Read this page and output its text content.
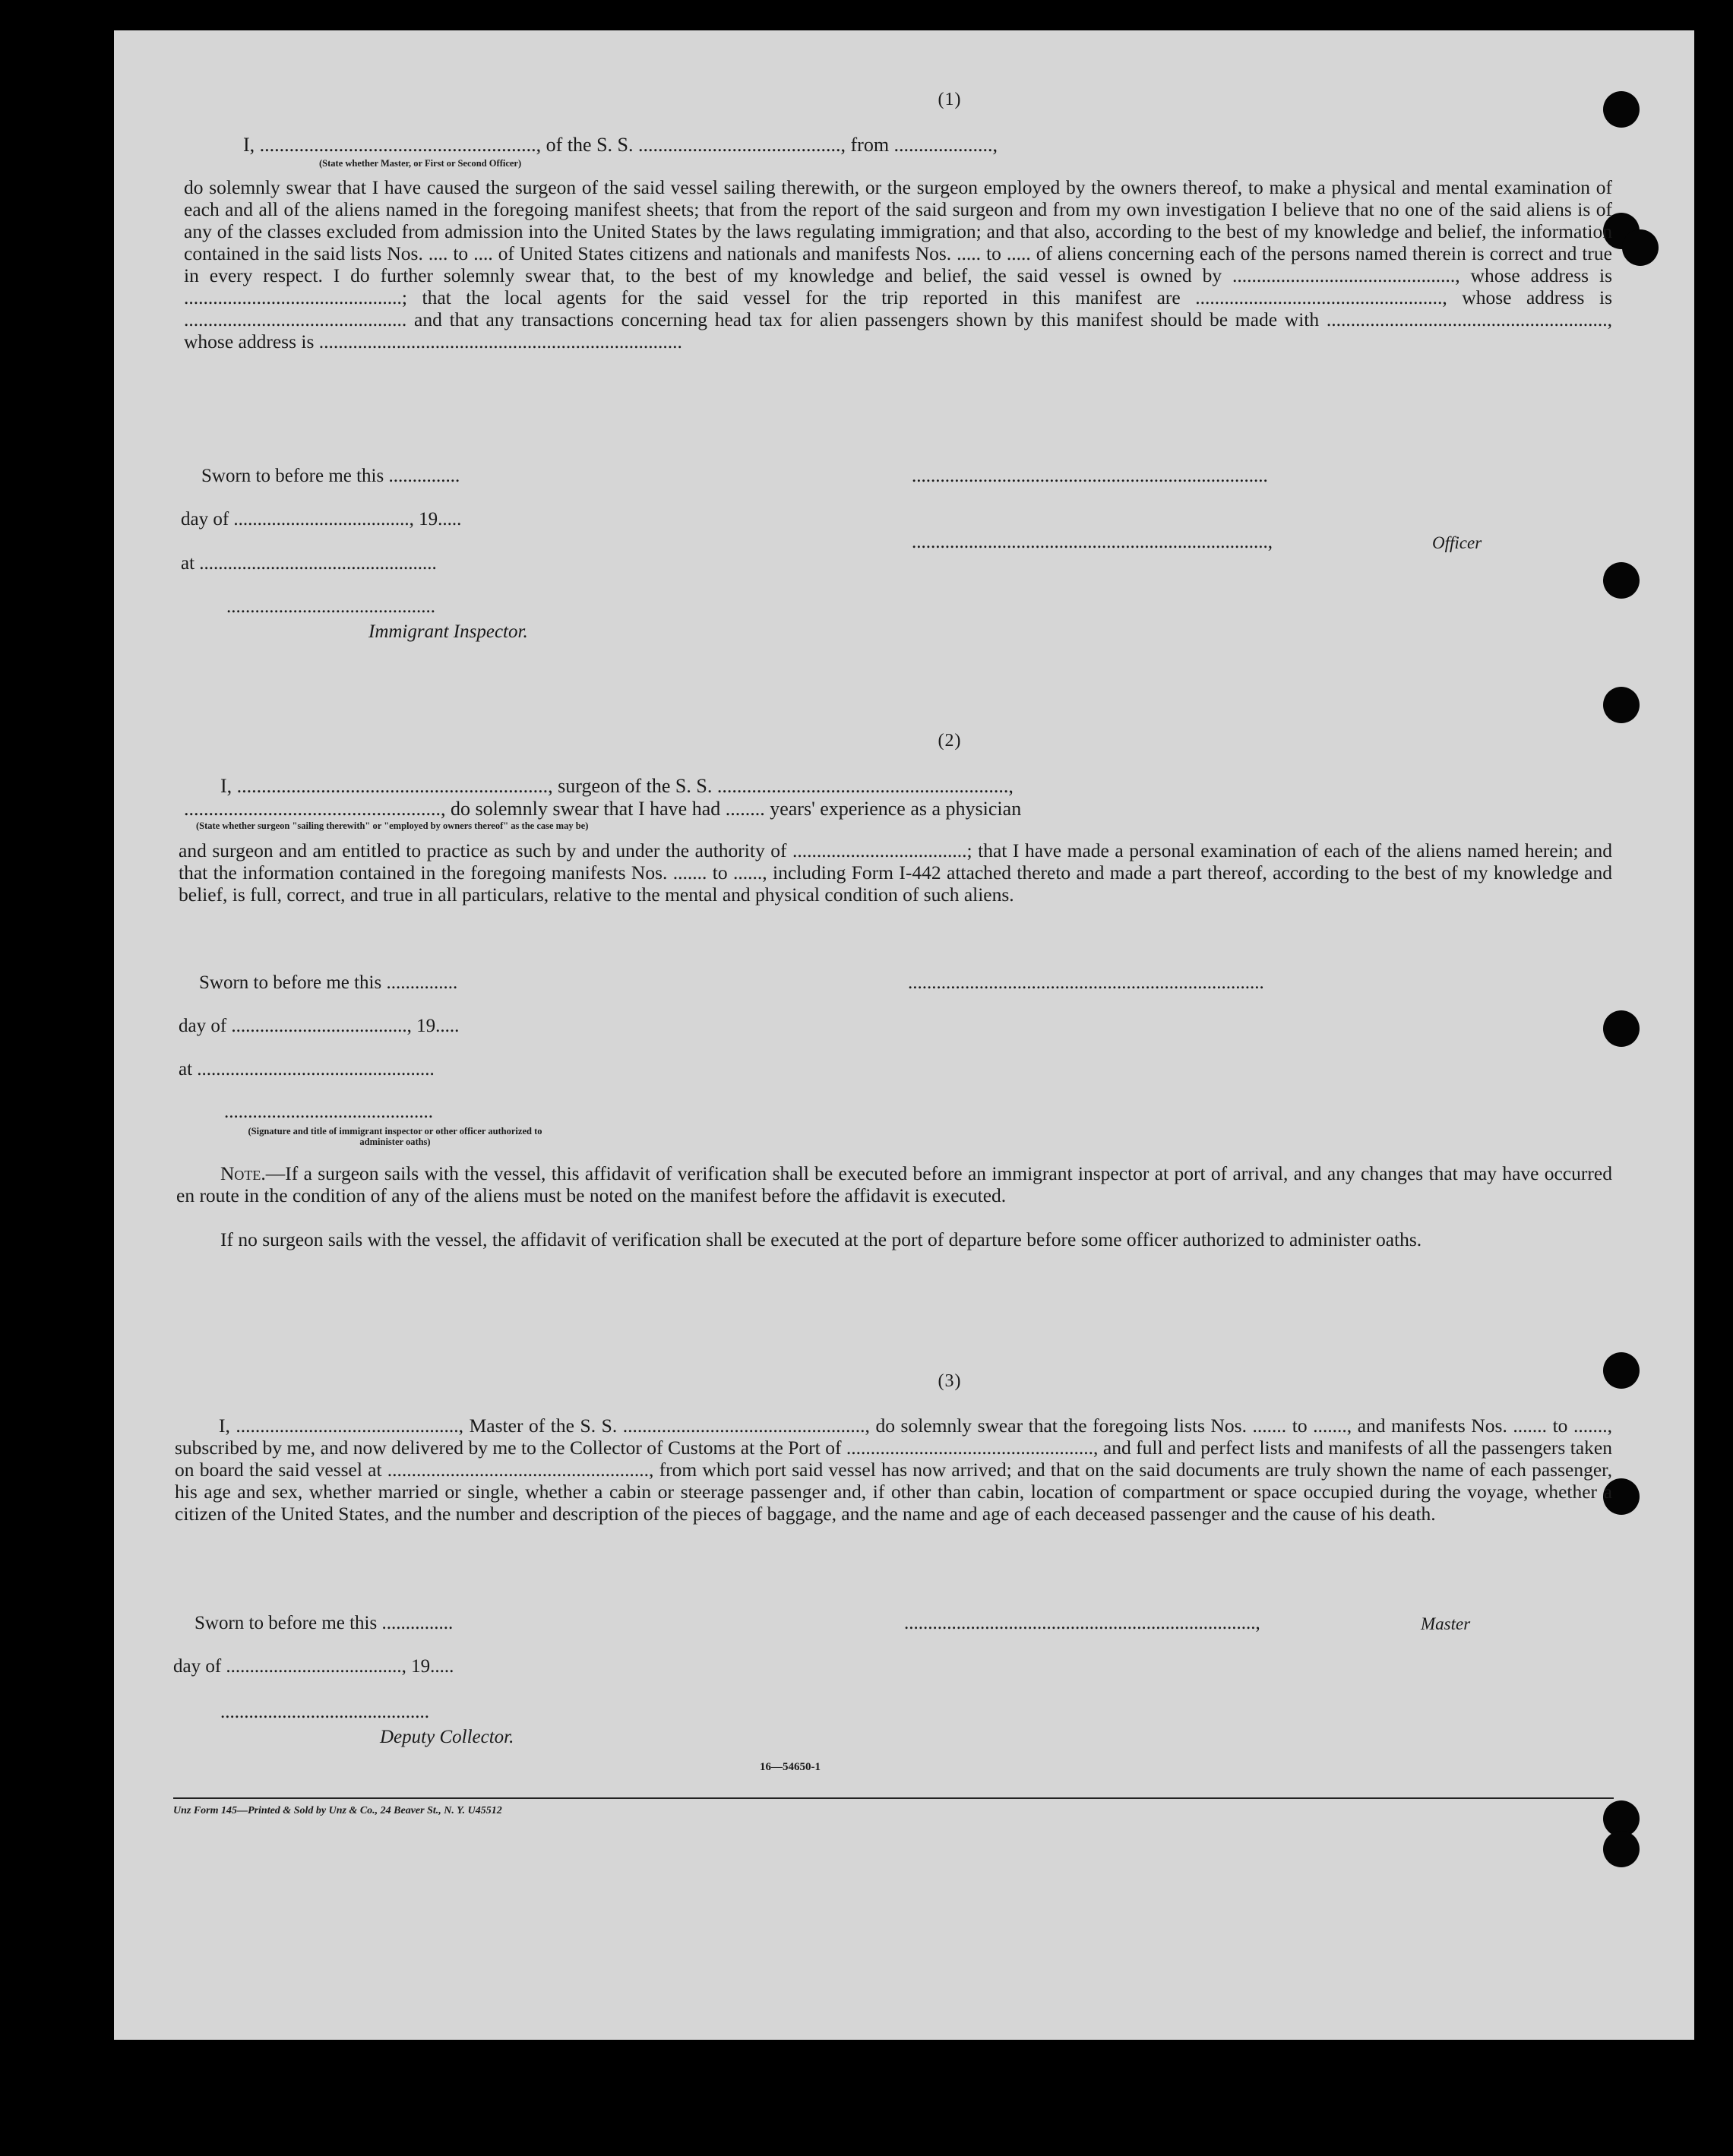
(1)
I, ........................................................, of the S. S. ........................................., from ....................,
(State whether Master, or First or Second Officer)
do solemnly swear that I have caused the surgeon of the said vessel sailing therewith, or the surgeon employed by the owners thereof, to make a physical and mental examination of each and all of the aliens named in the foregoing manifest sheets; that from the report of the said surgeon and from my own investigation I believe that no one of the said aliens is of any of the classes excluded from admission into the United States by the laws regulating immigration; and that also, according to the best of my knowledge and belief, the information contained in the said lists Nos. .... to .... of United States citizens and nationals and manifests Nos. ..... to ..... of aliens concerning each of the persons named therein is correct and true in every respect. I do further solemnly swear that, to the best of my knowledge and belief, the said vessel is owned by .............................................., whose address is .............................................; that the local agents for the said vessel for the trip reported in this manifest are ..................................................., whose address is .............................................. and that any transactions concerning head tax for alien passengers shown by this manifest should be made with .........................................................., whose address is ...........................................................................
Sworn to before me this ...............
day of ....................................., 19.....
at ..................................................
............................................
Immigrant Inspector.
...........................................................................
...........................................................................,	Officer
(2)
I, ..............................................................., surgeon of the S. S. ...........................................................,
...................................................., do solemnly swear that I have had ........ years' experience as a physician
(State whether surgeon "sailing therewith" or "employed by owners thereof" as the case may be)
and surgeon and am entitled to practice as such by and under the authority of ....................................; that I have made a personal examination of each of the aliens named herein; and that the information contained in the foregoing manifests Nos. ....... to ......, including Form I-442 attached thereto and made a part thereof, according to the best of my knowledge and belief, is full, correct, and true in all particulars, relative to the mental and physical condition of such aliens.
Sworn to before me this ...............
day of ....................................., 19.....
at ..................................................
............................................
...........................................................................
(Signature and title of immigrant inspector or other officer authorized to administer oaths)
Note.—If a surgeon sails with the vessel, this affidavit of verification shall be executed before an immigrant inspector at port of arrival, and any changes that may have occurred en route in the condition of any of the aliens must be noted on the manifest before the affidavit is executed.
If no surgeon sails with the vessel, the affidavit of verification shall be executed at the port of departure before some officer authorized to administer oaths.
(3)
I, .............................................., Master of the S. S. .................................................., do solemnly swear that the foregoing lists Nos. ....... to ......., and manifests Nos. ....... to ......., subscribed by me, and now delivered by me to the Collector of Customs at the Port of ..................................................., and full and perfect lists and manifests of all the passengers taken on board the said vessel at ......................................................, from which port said vessel has now arrived; and that on the said documents are truly shown the name of each passenger, his age and sex, whether married or single, whether a cabin or steerage passenger and, if other than cabin, location of compartment or space occupied during the voyage, whether a citizen of the United States, and the number and description of the pieces of baggage, and the name and age of each deceased passenger and the cause of his death.
Sworn to before me this ...............
day of ....................................., 19.....
............................................
Deputy Collector.
..........................................................................,	Master
16—54650-1
Unz Form 145—Printed & Sold by Unz & Co., 24 Beaver St., N. Y. U45512
